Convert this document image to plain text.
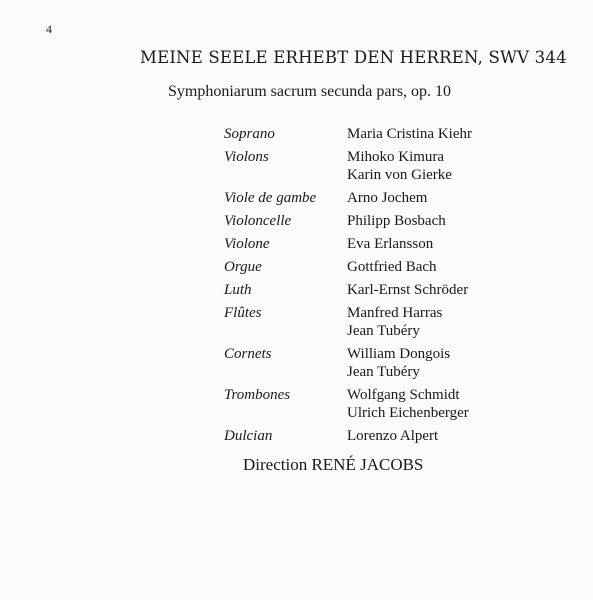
4
MEINE SEELE ERHEBT DEN HERREN, SWV 344
Symphoniarum sacrum secunda pars, op. 10
Soprano	Maria Cristina Kiehr
Violons	Mihoko Kimura
Karin von Gierke
Viole de gambe	Arno Jochem
Violoncelle	Philipp Bosbach
Violone	Eva Erlansson
Orgue	Gottfried Bach
Luth	Karl-Ernst Schröder
Flûtes	Manfred Harras
Jean Tubéry
Cornets	William Dongois
Jean Tubéry
Trombones	Wolfgang Schmidt
Ulrich Eichenberger
Dulcian	Lorenzo Alpert
Direction RENÉ JACOBS
